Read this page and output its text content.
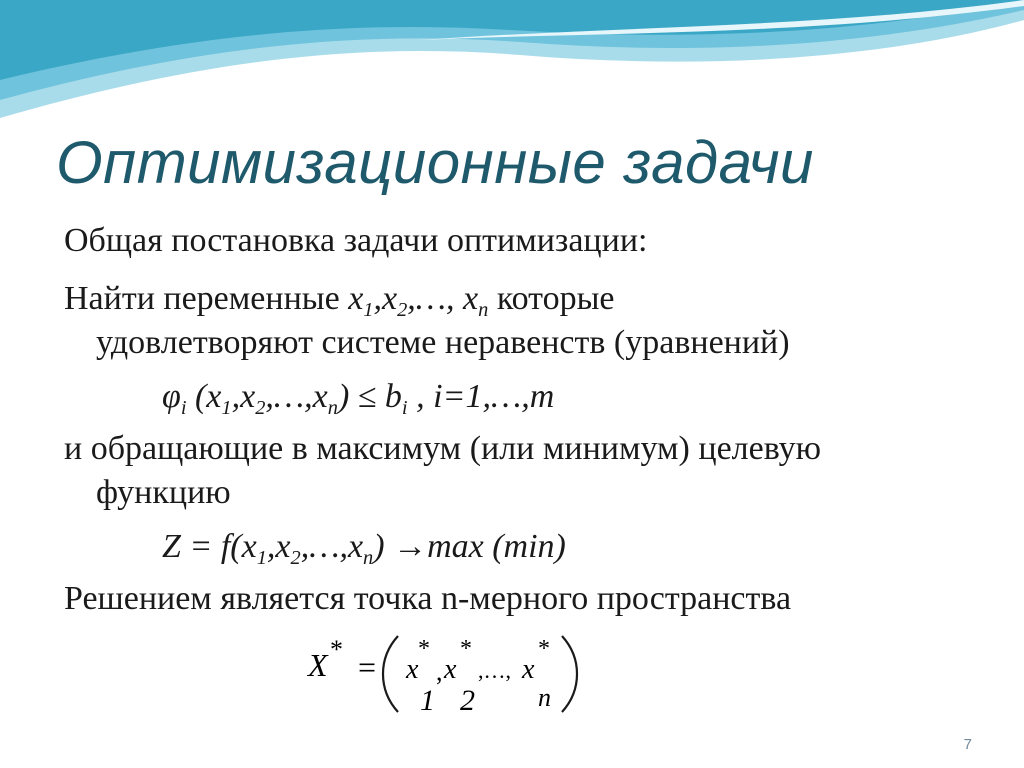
Оптимизационные задачи
Общая постановка задачи оптимизации:
Найти переменные $x_1,x_2,\dots$, $x_n$ которые
удовлетворяют системе неравенств (уравнений)
$\varphi_i$ $(x_1,x_2,\dots,x_n) \le b_i$ , i=1,…,m
и обращающие в максимум (или минимум) целевую
функцию
$Z = f(x_1,x_2,\dots,x_n) \to\max$ (min)
Решением является точка n-мерного пространства
X * = x
*
1
, x
*
2
,…, x
*
n
7
